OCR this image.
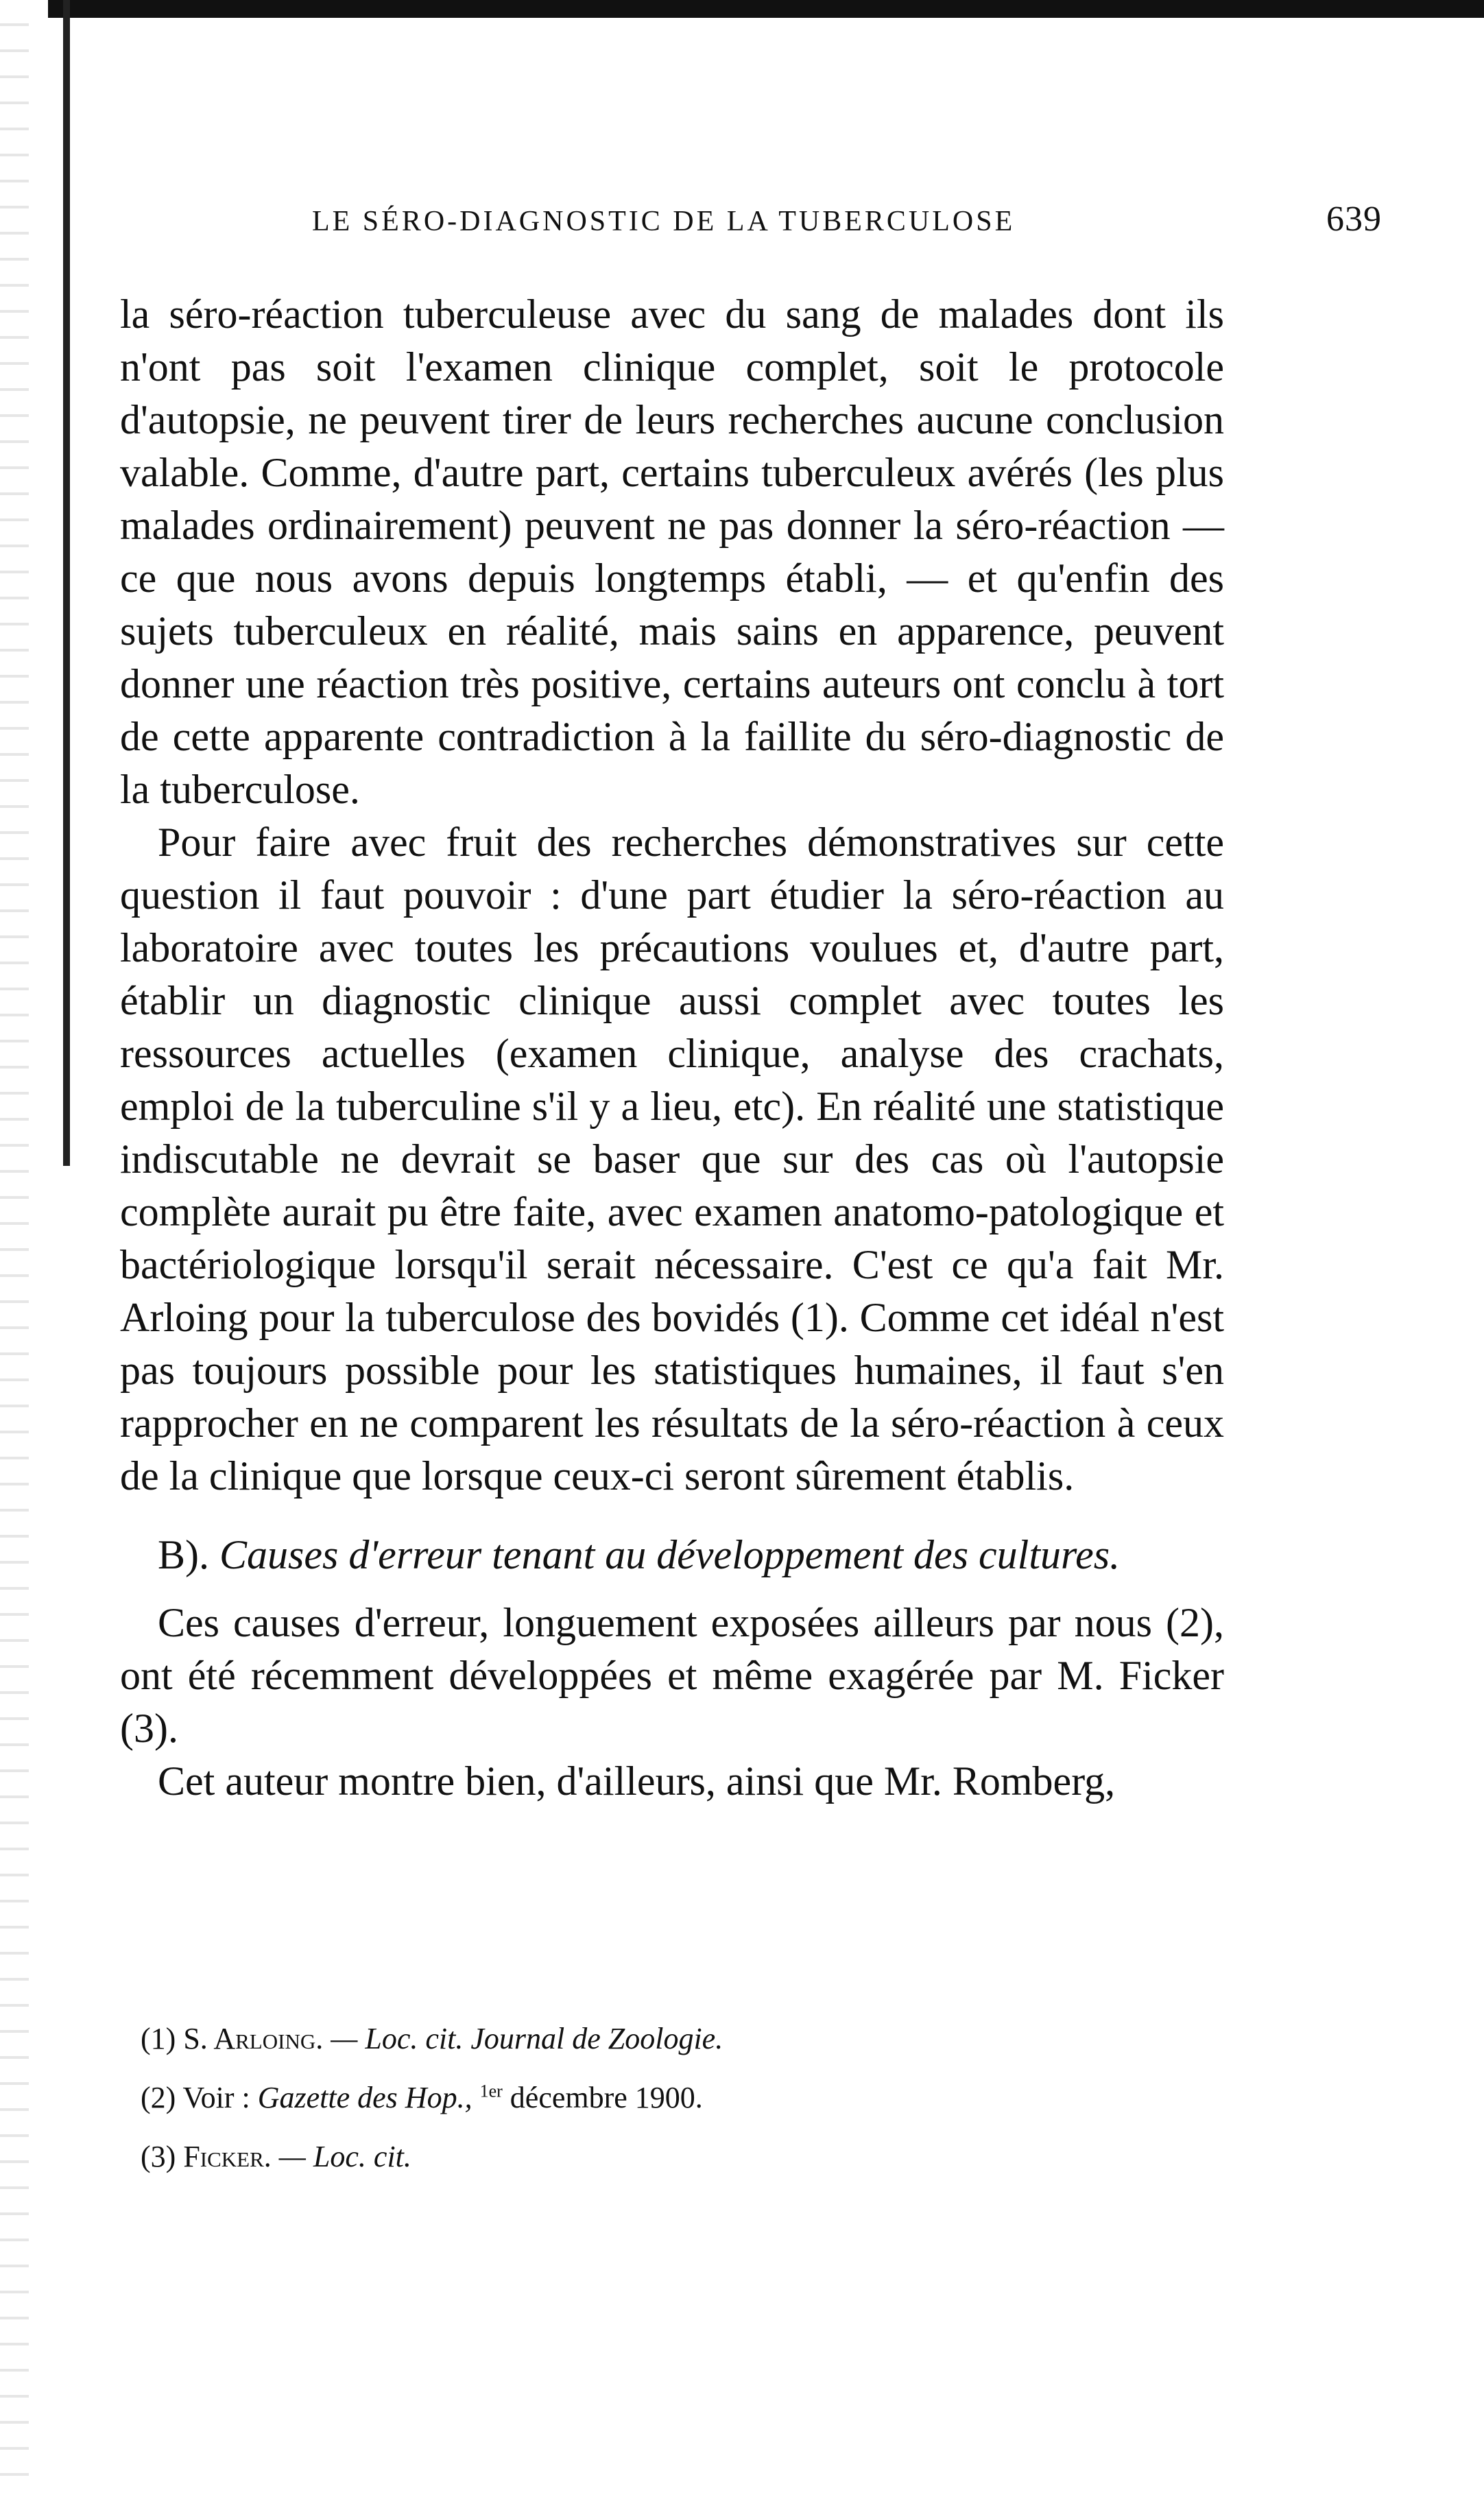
LE SÉRO-DIAGNOSTIC DE LA TUBERCULOSE	639

la séro-réaction tuberculeuse avec du sang de malades dont ils n'ont pas soit l'examen clinique complet, soit le protocole d'autopsie, ne peuvent tirer de leurs recherches aucune conclusion valable. Comme, d'autre part, certains tuberculeux avérés (les plus malades ordinairement) peuvent ne pas donner la séro-réaction — ce que nous avons depuis longtemps établi, — et qu'enfin des sujets tuberculeux en réalité, mais sains en apparence, peuvent donner une réaction très positive, certains auteurs ont conclu à tort de cette apparente contradiction à la faillite du séro-diagnostic de la tuberculose.

Pour faire avec fruit des recherches démonstratives sur cette question il faut pouvoir : d'une part étudier la séro-réaction au laboratoire avec toutes les précautions voulues et, d'autre part, établir un diagnostic clinique aussi complet avec toutes les ressources actuelles (examen clinique, analyse des crachats, emploi de la tuberculine s'il y a lieu, etc). En réalité une statistique indiscutable ne devrait se baser que sur des cas où l'autopsie complète aurait pu être faite, avec examen anatomo-patologique et bactériologique lorsqu'il serait nécessaire. C'est ce qu'a fait Mr. Arloing pour la tuberculose des bovidés (1). Comme cet idéal n'est pas toujours possible pour les statistiques humaines, il faut s'en rapprocher en ne comparent les résultats de la séro-réaction à ceux de la clinique que lorsque ceux-ci seront sûrement établis.

B). Causes d'erreur tenant au développement des cultures.

Ces causes d'erreur, longuement exposées ailleurs par nous (2), ont été récemment développées et même exagérée par M. Ficker (3).

Cet auteur montre bien, d'ailleurs, ainsi que Mr. Romberg,

(1) S. Arloing. — Loc. cit. Journal de Zoologie.
(2) Voir : Gazette des Hop., $^{1er}$ décembre 1900.
(3) Ficker. — Loc. cit.
